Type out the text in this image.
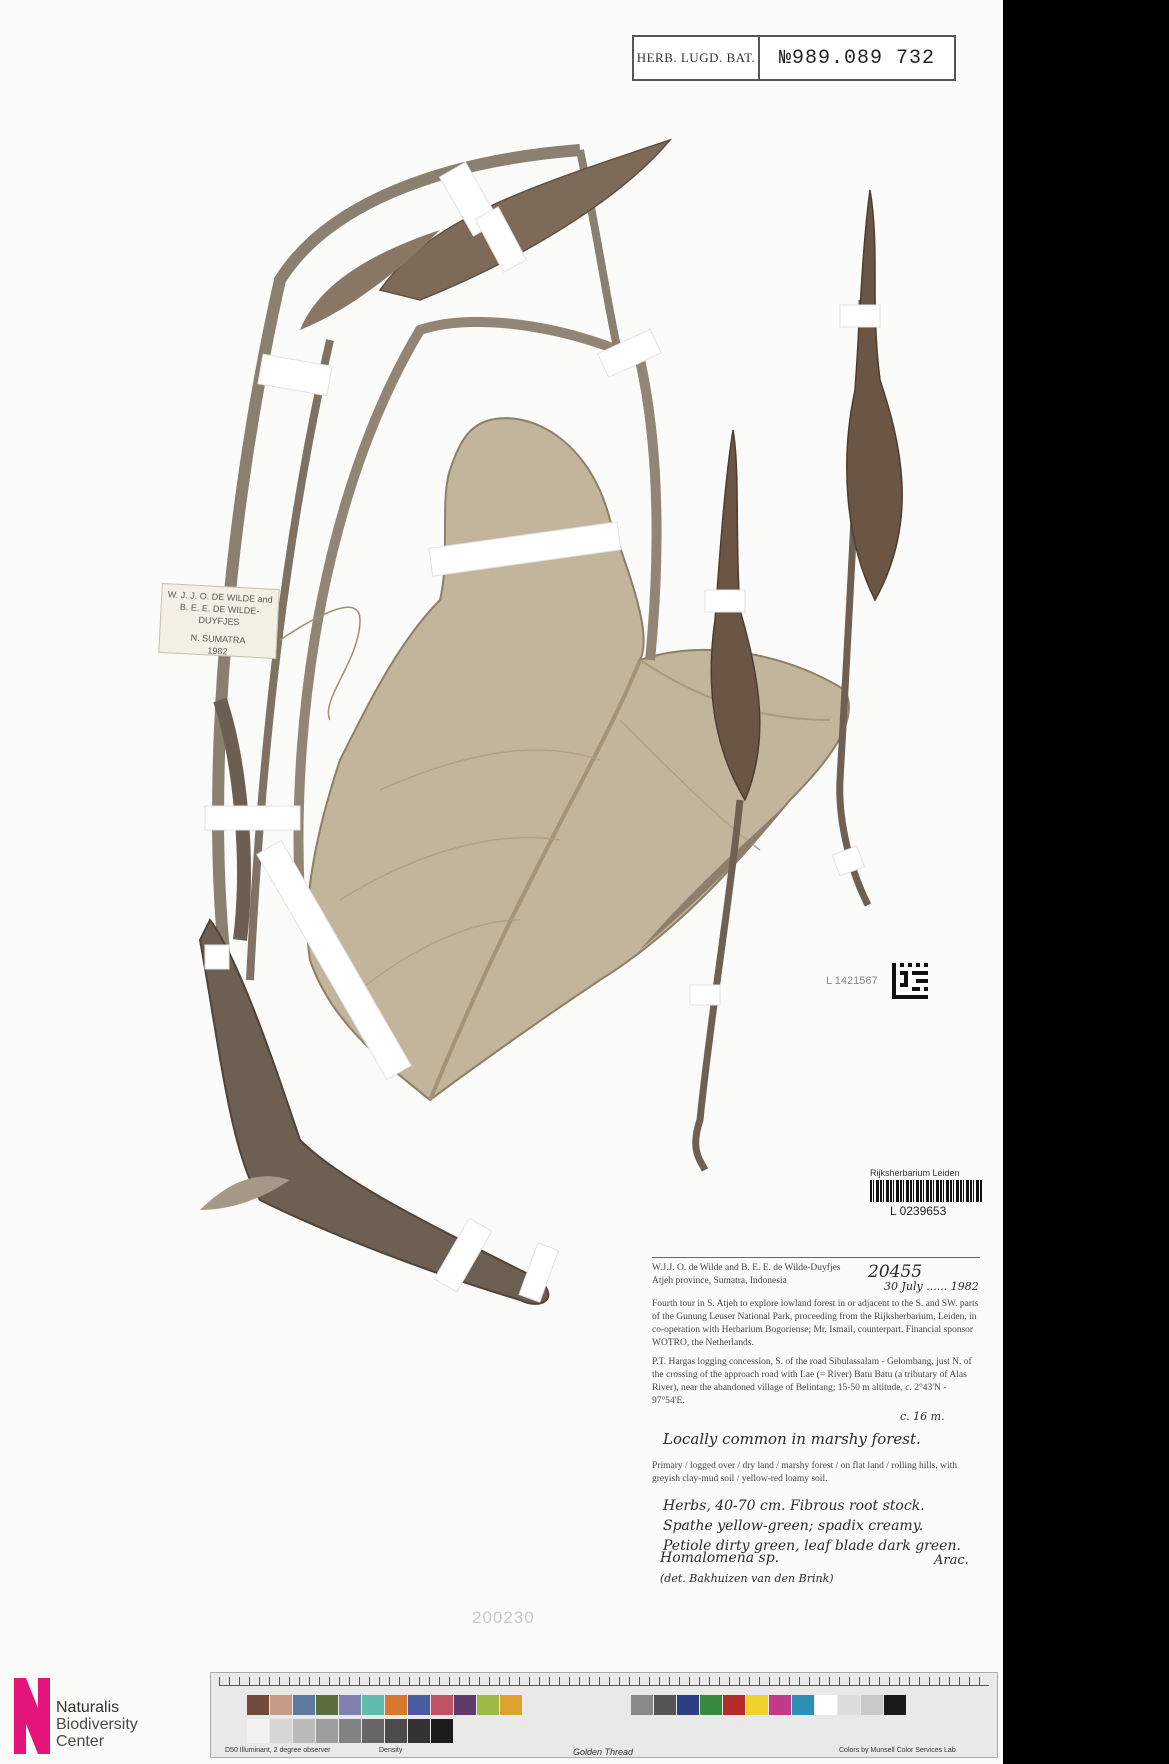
HERB. LUGD. BAT.	№989.089 732
W. J. J. O. DE WILDE and
B. E. E. DE WILDE-DUYFJES
N. SUMATRA
1982
L 1421567
Rijksherbarium Leiden
L 0239653

W.J.J. O. de Wilde and B. E. E. de Wilde-Duyfjes

Atjeh province, Sumatra, Indonesia

Fourth tour in S. Atjeh to explore lowland forest in or adjacent to the S. and SW. parts of the Gunung Leuser National Park, proceeding from the Rijksherbarium, Leiden, in co-operation with Herbarium Bogoriense; Mr. Ismail, counterpart. Financial sponsor WOTRO, the Netherlands.

P.T. Hargas logging concession, S. of the road Sibulassalam - Gelombang, just N. of the crossing of the approach road with Lae (= River) Batu Batu (a tributary of Alas River), near the abandoned village of Belintang; 15-50 m altitude, c. 2°43'N - 97°54'E.

20455
30 July ...... 1982
c. 16 m.
Locally common in marshy forest.
Primary / logged over / dry land / marshy forest / on flat land / rolling hills, with greyish clay-mud soil / yellow-red loamy soil.
Herbs, 40-70 cm. Fibrous root stock.
Spathe yellow-green; spadix creamy.
Petiole dirty green, leaf blade dark green.
Homalomena sp.	Arac.
(det. Bakhuizen van den Brink)
200230
Naturalis
Biodiversity
Center
D50 Illuminant, 2 degree observer	Density	Golden Thread	Colors by Munsell Color Services Lab
